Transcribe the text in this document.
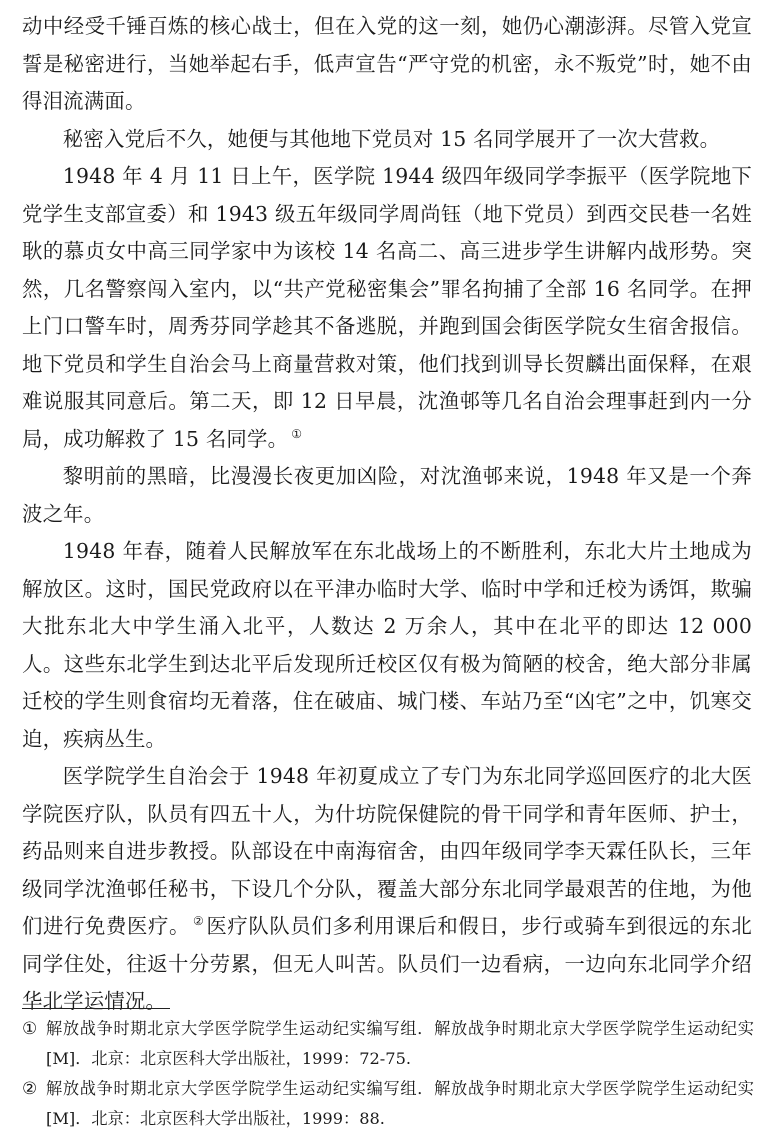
动中经受千锤百炼的核心战士，但在入党的这一刻，她仍心潮澎湃。尽管入党宣誓是秘密进行，当她举起右手，低声宣告“严守党的机密，永不叛党”时，她不由得泪流满面。

秘密入党后不久，她便与其他地下党员对 15 名同学展开了一次大营救。

1948 年 4 月 11 日上午，医学院 1944 级四年级同学李振平（医学院地下党学生支部宣委）和 1943 级五年级同学周尚钰（地下党员）到西交民巷一名姓耿的慕贞女中高三同学家中为该校 14 名高二、高三进步学生讲解内战形势。突然，几名警察闯入室内，以“共产党秘密集会”罪名拘捕了全部 16 名同学。在押上门口警车时，周秀芬同学趁其不备逃脱，并跑到国会街医学院女生宿舍报信。地下党员和学生自治会马上商量营救对策，他们找到训导长贺麟出面保释，在艰难说服其同意后。第二天，即 12 日早晨，沈渔邨等几名自治会理事赶到内一分局，成功解救了 15 名同学。 ①

黎明前的黑暗，比漫漫长夜更加凶险，对沈渔邨来说，1948 年又是一个奔波之年。

1948 年春，随着人民解放军在东北战场上的不断胜利，东北大片土地成为解放区。这时，国民党政府以在平津办临时大学、临时中学和迁校为诱饵，欺骗大批东北大中学生涌入北平，人数达 2 万余人，其中在北平的即达 12 000 人。这些东北学生到达北平后发现所迁校区仅有极为简陋的校舍，绝大部分非属迁校的学生则食宿均无着落，住在破庙、城门楼、车站乃至“凶宅”之中，饥寒交迫，疾病丛生。

医学院学生自治会于 1948 年初夏成立了专门为东北同学巡回医疗的北大医学院医疗队，队员有四五十人，为什坊院保健院的骨干同学和青年医师、护士，药品则来自进步教授。队部设在中南海宿舍，由四年级同学李天霖任队长，三年级同学沈渔邨任秘书，下设几个分队，覆盖大部分东北同学最艰苦的住地，为他们进行免费医疗。 ②医疗队队员们多利用课后和假日，步行或骑车到很远的东北同学住处，往返十分劳累，但无人叫苦。队员们一边看病，一边向东北同学介绍华北学运情况。

① 解放战争时期北京大学医学院学生运动纪实编写组．解放战争时期北京大学医学院学生运动纪实 [M]．北京：北京医科大学出版社，1999：72-75.
② 解放战争时期北京大学医学院学生运动纪实编写组．解放战争时期北京大学医学院学生运动纪实 [M]．北京：北京医科大学出版社，1999：88.
